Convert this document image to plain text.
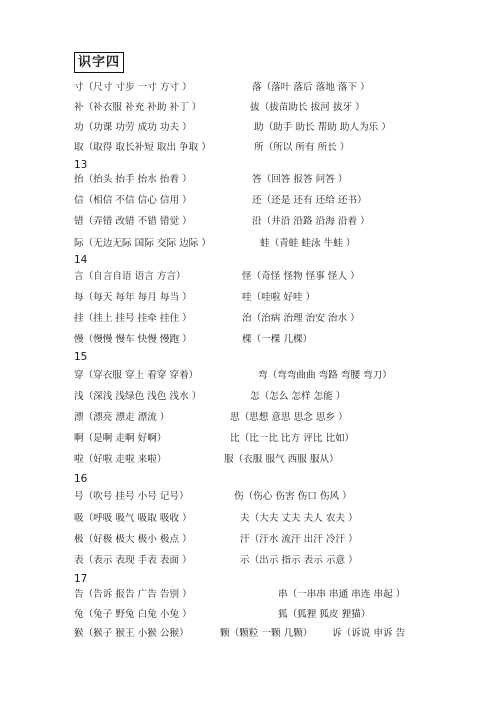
识字四
寸（尺寸 寸步 一寸 方寸 ）	落（落叶 落后 落地 落下 ）
补（补衣服 补充 补助 补丁 ）	拔（拔苗助长 拔河 拔牙 ）
功（功课 功劳 成功 功夫 ）	助（助手 助长 帮助 助人为乐 ）
取（取得 取长补短 取出 争取 ）	所（所以 所有 所长 ）
13
抬（抬头 抬手 抬水 抬着 ）	答（回答 报答 问答 ）
信（相信 不信 信心 信用 ）	还（还是 还有 还给 还书）
错（弄错 改错 不错 错觉 ）	沿（井沿 沿路 沿海 沿着 ）
际（无边无际 国际 交际 边际 ）	蛙（青蛙 蛙泳 牛蛙 ）
14
言（自言自语 语言 方言）	怪（奇怪 怪物 怪事 怪人 ）
每（每天 每年 每月 每当 ）	哇（哇啦 好哇 ）
挂（挂上 挂号 挂牵 挂住 ）	治（治病 治理 治安 治水 ）
慢（慢慢 慢车 快慢 慢跑 ）	棵（一棵 几棵）
15
穿（穿衣服 穿上 看穿 穿着）	弯（弯弯曲曲 弯路 弯腰 弯刀）
浅（深浅 浅绿色 浅色 浅水 ）	怎（怎么 怎样 怎能 ）
漂（漂亮 漂走 漂流 ）	思（思想 意思 思念 思乡 ）
啊（是啊 走啊 好啊）	比（比一比 比方 评比 比如）
啦（好啦 走啦 来啦）	服（衣服 服气 西服 服从）
16
号（吹号 挂号 小号 记号）	伤（伤心 伤害 伤口 伤风 ）
吸（呼吸 吸气 吸取 吸收 ）	夫（大夫 丈夫 夫人 农夫 ）
极（好极 极大 极小 极点 ）	汗（汗水 流汗 出汗 冷汗 ）
表（表示 表现 手表 表面 ）	示（出示 指示 表示 示意 ）
17
告（告诉 报告 广告 告别 ）	串（一串串 串通 串连 串起 ）
兔（兔子 野兔 白兔 小兔 ）	狐（狐狸 狐皮 狸猫）
猴（猴子 猴王 小猴 公猴）	颗（颗粒 一颗 几颗） 诉（诉说 申诉 告
